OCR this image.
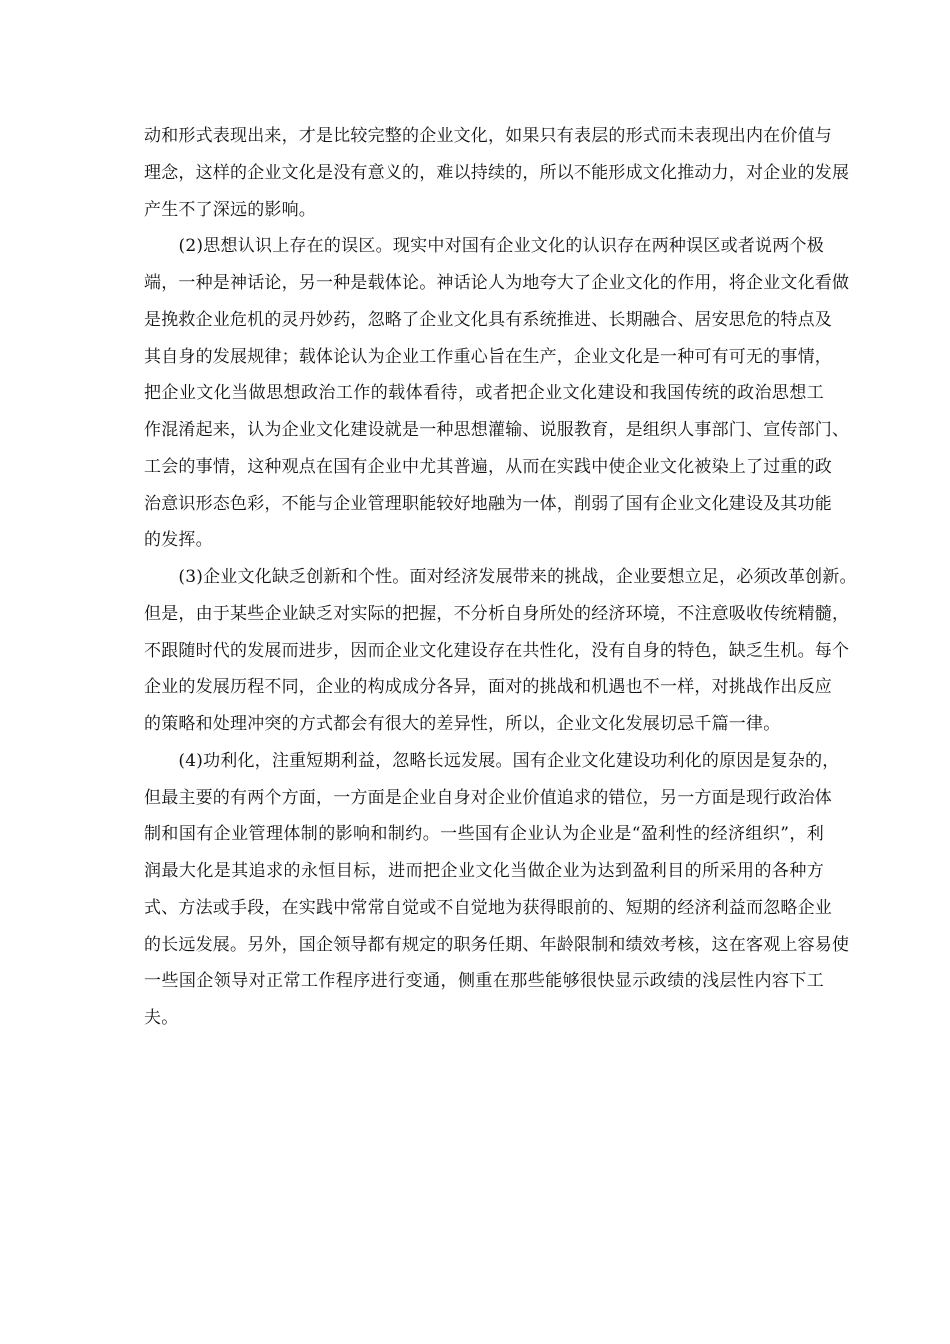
动和形式表现出来，才是比较完整的企业文化，如果只有表层的形式而未表现出内在价值与
理念，这样的企业文化是没有意义的，难以持续的，所以不能形成文化推动力，对企业的发展
产生不了深远的影响。
　　(2)思想认识上存在的误区。现实中对国有企业文化的认识存在两种误区或者说两个极
端，一种是神话论，另一种是载体论。神话论人为地夸大了企业文化的作用，将企业文化看做
是挽救企业危机的灵丹妙药，忽略了企业文化具有系统推进、长期融合、居安思危的特点及
其自身的发展规律；载体论认为企业工作重心旨在生产，企业文化是一种可有可无的事情，
把企业文化当做思想政治工作的载体看待，或者把企业文化建设和我国传统的政治思想工
作混淆起来，认为企业文化建设就是一种思想灌输、说服教育，是组织人事部门、宣传部门、
工会的事情，这种观点在国有企业中尤其普遍，从而在实践中使企业文化被染上了过重的政
治意识形态色彩，不能与企业管理职能较好地融为一体，削弱了国有企业文化建设及其功能
的发挥。
　　(3)企业文化缺乏创新和个性。面对经济发展带来的挑战，企业要想立足，必须改革创新。
但是，由于某些企业缺乏对实际的把握，不分析自身所处的经济环境，不注意吸收传统精髓，
不跟随时代的发展而进步，因而企业文化建设存在共性化，没有自身的特色，缺乏生机。每个
企业的发展历程不同，企业的构成成分各异，面对的挑战和机遇也不一样，对挑战作出反应
的策略和处理冲突的方式都会有很大的差异性，所以，企业文化发展切忌千篇一律。
　　(4)功利化，注重短期利益，忽略长远发展。国有企业文化建设功利化的原因是复杂的，
但最主要的有两个方面，一方面是企业自身对企业价值追求的错位，另一方面是现行政治体
制和国有企业管理体制的影响和制约。一些国有企业认为企业是“盈利性的经济组织”，利
润最大化是其追求的永恒目标，进而把企业文化当做企业为达到盈利目的所采用的各种方
式、方法或手段，在实践中常常自觉或不自觉地为获得眼前的、短期的经济利益而忽略企业
的长远发展。另外，国企领导都有规定的职务任期、年龄限制和绩效考核，这在客观上容易使
一些国企领导对正常工作程序进行变通，侧重在那些能够很快显示政绩的浅层性内容下工
夫。
